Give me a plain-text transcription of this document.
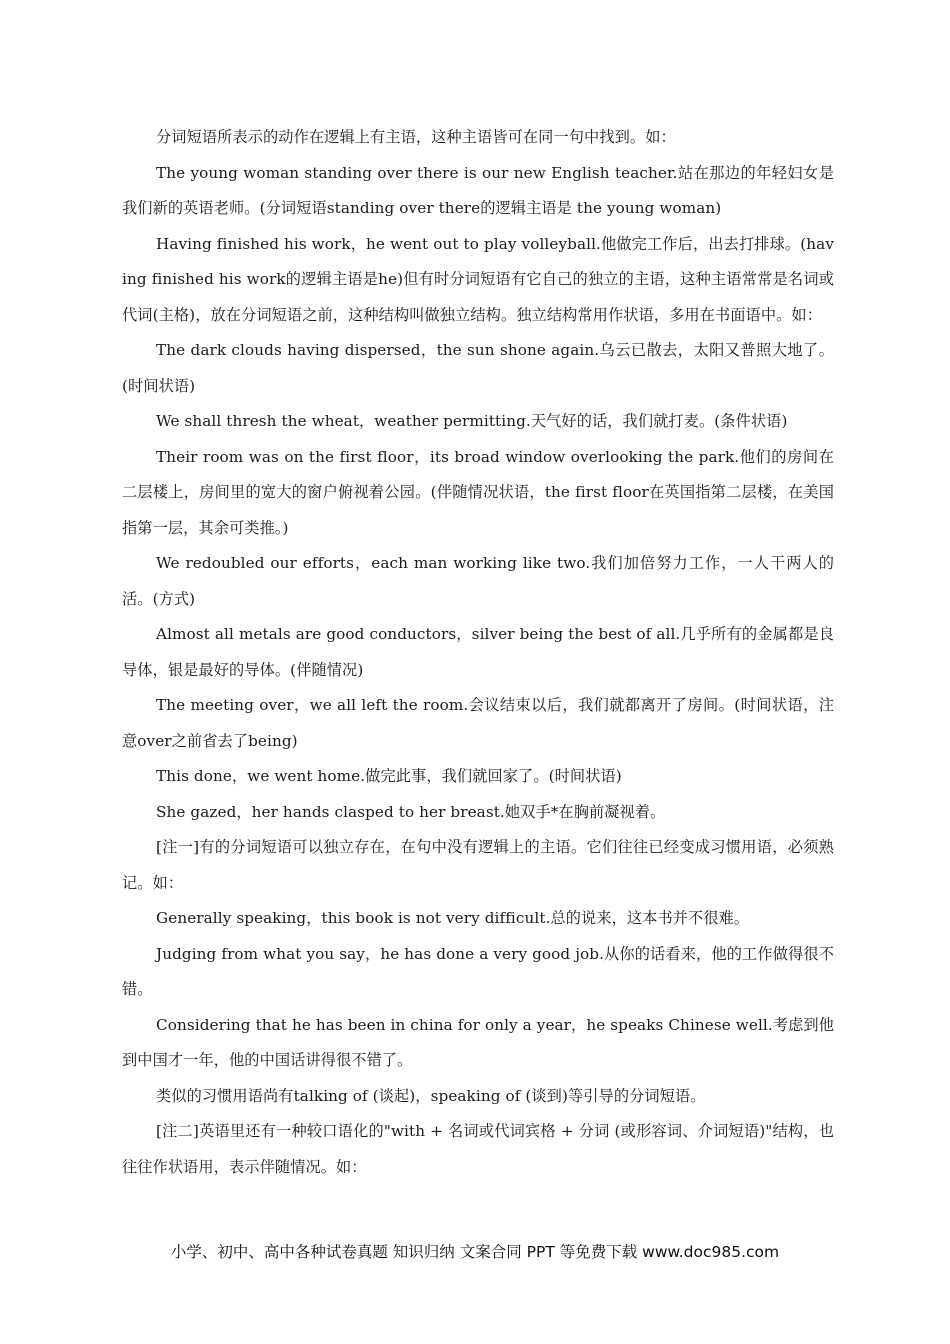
分词短语所表示的动作在逻辑上有主语，这种主语皆可在同一句中找到。如：

The young woman standing over there is our new English teacher.站在那边的年轻妇女是我们新的英语老师。(分词短语standing over there的逻辑主语是 the young woman)

Having finished his work，he went out to play volleyball.他做完工作后，出去打排球。(having finished his work的逻辑主语是he)但有时分词短语有它自己的独立的主语，这种主语常常是名词或代词(主格)，放在分词短语之前，这种结构叫做独立结构。独立结构常用作状语，多用在书面语中。如：

The dark clouds having dispersed，the sun shone again.乌云已散去，太阳又普照大地了。(时间状语)

We shall thresh the wheat，weather permitting.天气好的话，我们就打麦。(条件状语)

Their room was on the first floor，its broad window overlooking the park.他们的房间在二层楼上，房间里的宽大的窗户俯视着公园。(伴随情况状语，the first floor在英国指第二层楼，在美国指第一层，其余可类推。)

We redoubled our efforts，each man working like two.我们加倍努力工作，一人干两人的活。(方式)

Almost all metals are good conductors，silver being the best of all.几乎所有的金属都是良导体，银是最好的导体。(伴随情况)

The meeting over，we all left the room.会议结束以后，我们就都离开了房间。(时间状语，注意over之前省去了being)

This done，we went home.做完此事，我们就回家了。(时间状语)

She gazed，her hands clasped to her breast.她双手*在胸前凝视着。

[注一]有的分词短语可以独立存在，在句中没有逻辑上的主语。它们往往已经变成习惯用语，必须熟记。如：

Generally speaking，this book is not very difficult.总的说来，这本书并不很难。

Judging from what you say，he has done a very good job.从你的话看来，他的工作做得很不错。

Considering that he has been in china for only a year，he speaks Chinese well.考虑到他到中国才一年，他的中国话讲得很不错了。

类似的习惯用语尚有talking of (谈起)，speaking of (谈到)等引导的分词短语。

[注二]英语里还有一种较口语化的"with + 名词或代词宾格 + 分词 (或形容词、介词短语)"结构，也往往作状语用，表示伴随情况。如：

小学、初中、高中各种试卷真题 知识归纳 文案合同 PPT 等免费下载 www.doc985.com
